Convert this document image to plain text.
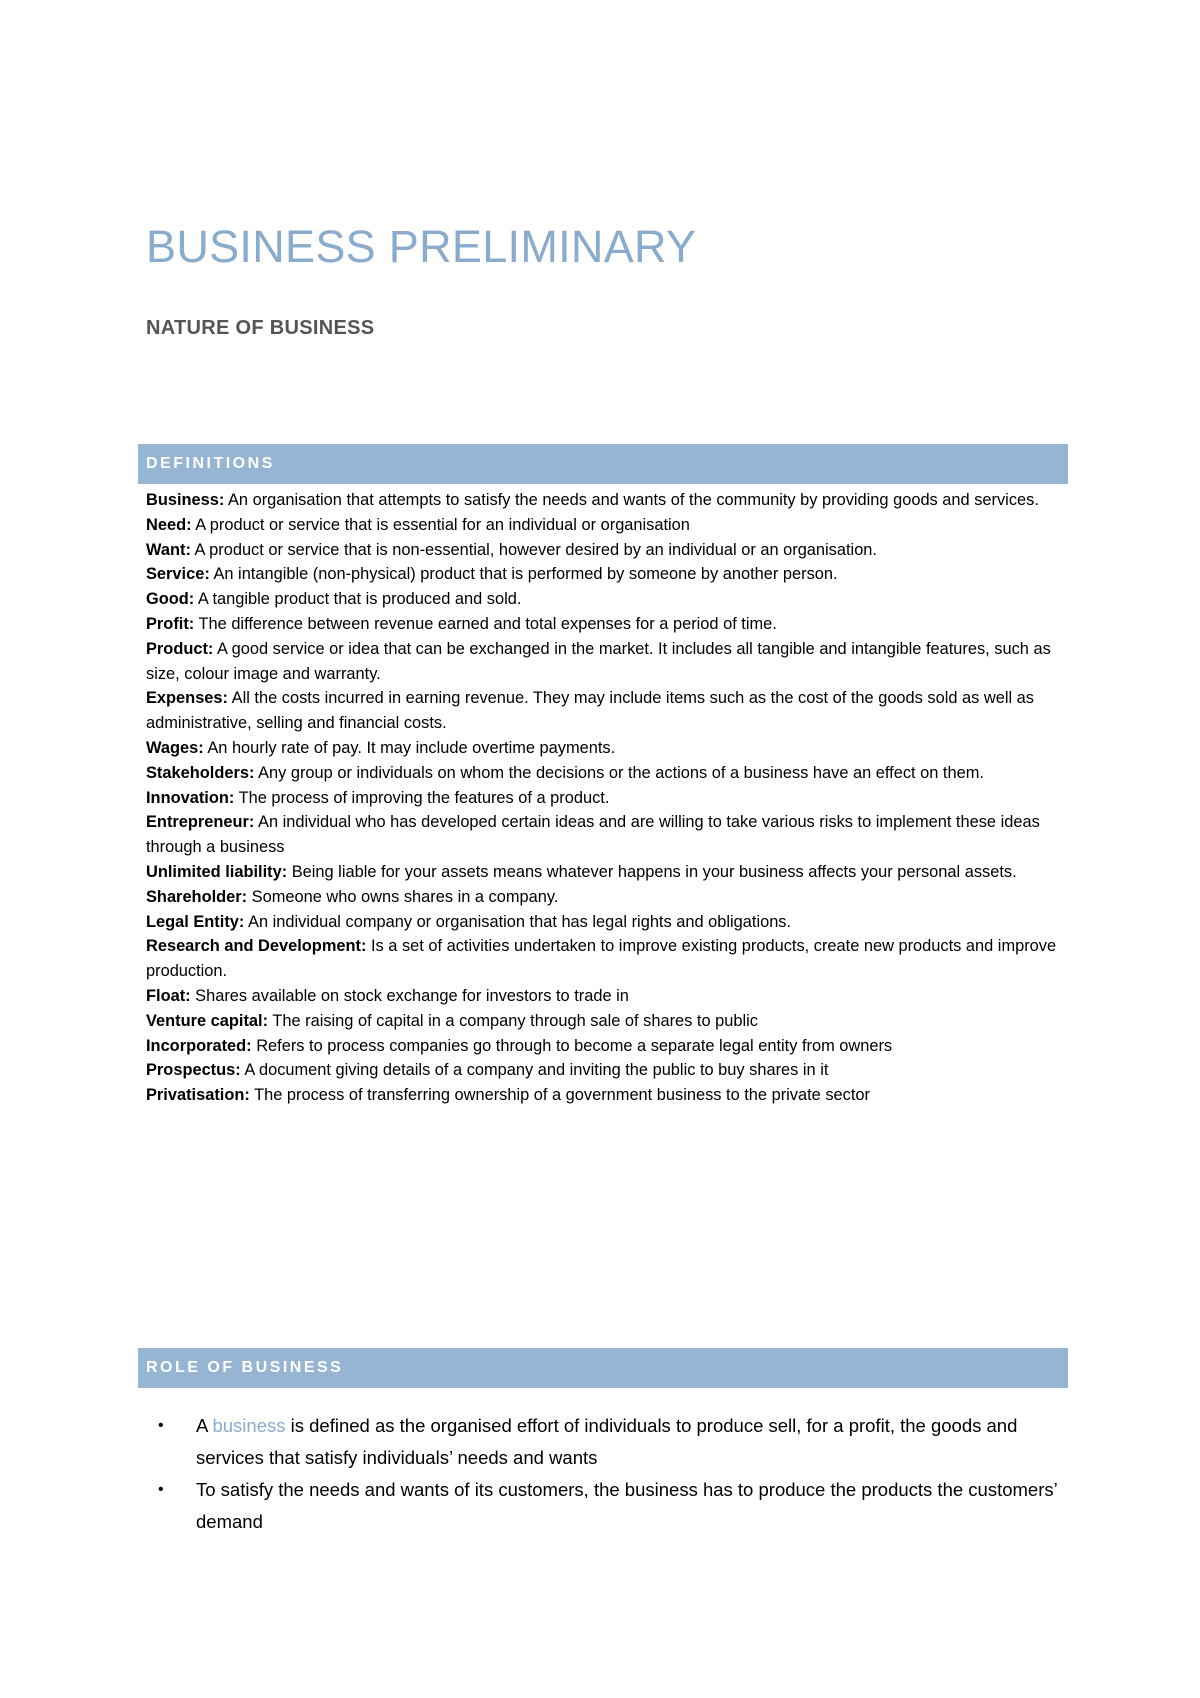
BUSINESS PRELIMINARY
NATURE OF BUSINESS
DEFINITIONS
Business: An organisation that attempts to satisfy the needs and wants of the community by providing goods and services.
Need: A product or service that is essential for an individual or organisation
Want: A product or service that is non-essential, however desired by an individual or an organisation.
Service: An intangible (non-physical) product that is performed by someone by another person.
Good: A tangible product that is produced and sold.
Profit: The difference between revenue earned and total expenses for a period of time.
Product: A good service or idea that can be exchanged in the market. It includes all tangible and intangible features, such as size, colour image and warranty.
Expenses: All the costs incurred in earning revenue. They may include items such as the cost of the goods sold as well as administrative, selling and financial costs.
Wages: An hourly rate of pay. It may include overtime payments.
Stakeholders: Any group or individuals on whom the decisions or the actions of a business have an effect on them.
Innovation: The process of improving the features of a product.
Entrepreneur: An individual who has developed certain ideas and are willing to take various risks to implement these ideas through a business
Unlimited liability: Being liable for your assets means whatever happens in your business affects your personal assets.
Shareholder: Someone who owns shares in a company.
Legal Entity: An individual company or organisation that has legal rights and obligations.
Research and Development: Is a set of activities undertaken to improve existing products, create new products and improve production.
Float: Shares available on stock exchange for investors to trade in
Venture capital: The raising of capital in a company through sale of shares to public
Incorporated: Refers to process companies go through to become a separate legal entity from owners
Prospectus: A document giving details of a company and inviting the public to buy shares in it
Privatisation: The process of transferring ownership of a government business to the private sector
ROLE OF BUSINESS
• A business is defined as the organised effort of individuals to produce sell, for a profit, the goods and services that satisfy individuals’ needs and wants
• To satisfy the needs and wants of its customers, the business has to produce the products the customers’ demand
